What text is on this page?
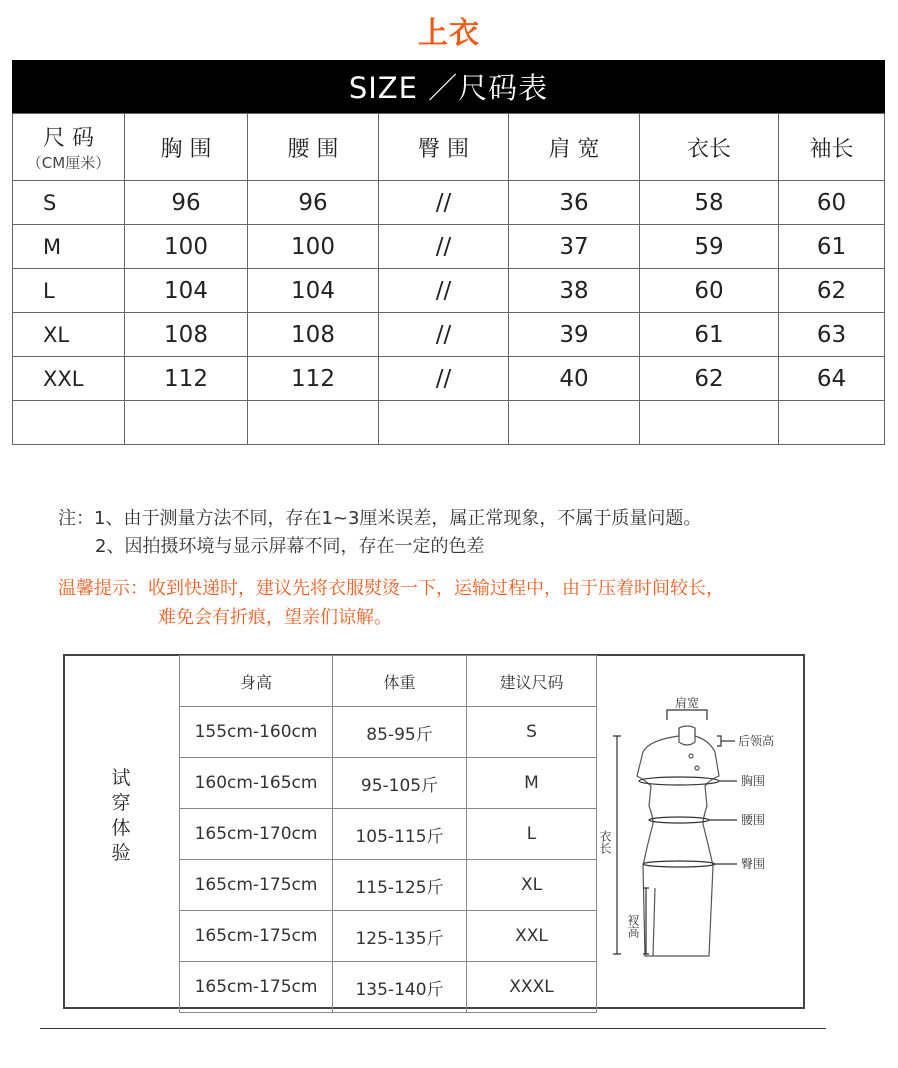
上衣
SIZE ／尺码表
尺 码
（CM厘米）	胸 围	腰 围	臀 围	肩 宽	衣长	袖长
S	96	96	//	36	58	60
M	100	100	//	37	59	61
L	104	104	//	38	60	62
XL	108	108	//	39	61	63
XXL	112	112	//	40	62	64

注：1、由于测量方法不同，存在1~3厘米误差，属正常现象，不属于质量问题。
2、因拍摄环境与显示屏幕不同，存在一定的色差
温馨提示：收到快递时，建议先将衣服熨烫一下，运输过程中，由于压着时间较长，
难免会有折痕，望亲们谅解。
试穿体验
身高	体重	建议尺码
155cm-160cm	85-95斤	S
160cm-165cm	95-105斤	M
165cm-170cm	105-115斤	L
165cm-175cm	115-125斤	XL
165cm-175cm	125-135斤	XXL
165cm-175cm	135-140斤	XXXL
肩宽
后领高
胸围
腰围
臀围
衣长
衩高
